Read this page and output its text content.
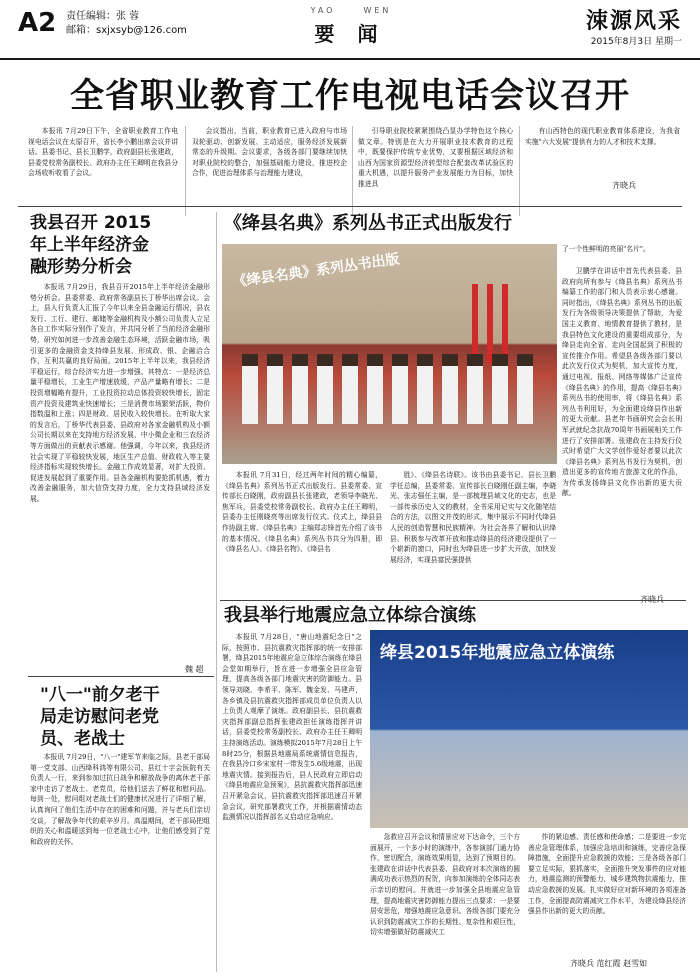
A2 责任编辑：张 蓉
邮箱：sxjxsyb@126.com
YAO	WEN
要 闻	涑源风采
2015年8月3日 星期一
全省职业教育工作电视电话会议召开

本报讯 7月29日下午，全省职业教育工作电视电话会议在太原召开，省长李小鹏出席会议并讲话。县委书记、县长卫鹏学，政府副县长张建政，县委党校常务副校长、政府办主任王卿明在我县分会场收听收看了会议。

会议指出，当前，职业教育已进入政府与市场双轮驱动、创新发展、主动适应，服务经济发展新常态的升级期。会议要求，各级各部门要继续加快对职业院校的整合，加强基础能力建设，推进校企合作，促进治理体系与治理能力建设，

引导职业院校紧紧围绕凸显办学特色这个核心做文章。特别是在大力开展职业技术教育的过程中，既要保护传统专业优势，又要根据区域经济和山西为国家资源型经济转型综合配套改革试验区的重大机遇，以提升服务产业发展能力为目标，加快推进具

有山西特色的现代职业教育体系建设，为我省实施"六大发展"提供有力的人才和技术支撑。

齐晓兵
我县召开 2015
年上半年经济金
融形势分析会

本报讯 7月29日，我县召开2015年上半年经济金融形势分析会。县委常委、政府常务副县长丁桥华出席会议。会上，县人行负责人汇报了今年以来全县金融运行情况，县农发行、工行、建行、邮储等金融机构及小额公司负责人立足各自工作实际分别作了发言，并共同分析了当前经济金融形势，研究如何进一步改善金融生态环境，活跃金融市场，吸引更多的金融资金支持绛县发展、形成政、银、企融洽合作，互利共赢的良好局面。2015年上半年以来，我县经济平稳运行，综合经济实力进一步增强。其特点：一是经济总量平稳增长，工业生产增速放缓，产品产量略有增长；二是投资增幅略有提升，工业投资拉动总体投资较快增长，固定资产投资及建筑业快速增长；三是消费市场繁荣活跃，物价指数温和上涨；四是财政、居民收入较快增长。在听取大家的发言后，丁桥华代表县委、县政府对各家金融机构及小额公司长期以来在支持地方经济发展、中小微企业和三农经济等方面做出的贡献表示感谢。他强调，今年以来，我县经济社会实现了平稳较快发展，地区生产总值、财政收入等主要经济指标实现较快增长。金融工作成效显著，对扩大投资、促进发展起到了重要作用。县各金融机构要抢抓机遇，着力改善金融服务，加大信贷支持力度，全力支持县域经济发展。

魏 超
"八一"前夕老干
局走访慰问老党
员、老战士

本报讯 7月29日，"八一"建军节来临之际，县老干部局第一党支部、山西绛科鸿等有限公司，县红十字会医院有关负责人一行，来到参加过抗日战争和解放战争的离休老干部家中走访了老战士、老党员，给他们送去了鲜花和慰问品。每到一处，慰问组对老战士们的健康状况进行了详细了解，认真询问了他们生活中存在的困难和问题，并与老兵们亲切交谈，了解战争年代的艰辛岁月。高温期间，老干部局把组织的关心和温暖送到每一位老战士心中，让他们感受到了党和政府的关怀。

《绛县名典》系列丛书正式出版发行
《绛县名典》系列丛书出版
了一个性鲜明的亮丽"名片"。

卫鹏学在讲话中首先代表县委、县政府向所有参与《绛县名典》系列丛书编纂工作的部门和人员表示衷心感谢。同时指出，《绛县名典》系列丛书的出版发行为各级领导决策提供了帮助，为爱国主义教育、地情教育提供了教材，是我县特色文化建设的重要组成部分，为绛县走向全省、走向全国起到了积极的宣传推介作用。希望县各级各部门要以此次发行仪式为契机，加大宣传力度，通过电视、报纸、网络等媒体广泛宣传《绛县名典》的作用，提高《绛县名典》系列丛书的使用率，将《绛县名典》系列丛书利用好，为全面建设绛县作出新的更大贡献。县老年书画研究会会长刑军武就纪念抗战70周年书画展相关工作进行了安排部署。张建政在主持发行仪式时希望广大文学创作爱好者要以此次《绛县名典》系列丛书发行为契机，创造出更多的宣传地方旅游文化的作品，为传承发扬绛县文化作出新的更大贡献。

本报讯 7月31日，经过两年时间的精心编纂，《绛县名典》系列丛书正式出版发行。县委常委、宣传部长白晓刚，政府副县长张建政，老领导李晓光、焦军兵，县委党校常务副校长、政府办主任王卿明，县委办主任刚晓亮等出席发行仪式。仪式上，绛县县作协副主席、《绛县名典》主编郑志锋首先介绍了该书的基本情况。《绛县名典》系列丛书共分为四册，即《绛县名人》、《绛县名物》、《绛县名

胜》、《绛县名诗联》。该书由县委书记、县长卫鹏学任总编，县委常委、宣传部长白晓刚任副主编，李晓光、张志强任主编，是一部梳理县域文化的史志，也是一部传承历史人文的教材，全书采用记实与文化随笔结合的方法，以图文并茂的形式，集中展示不同时代绛县人民的创造智慧和民族精神。为社会各界了解和认识绛县、积极参与改革开放和推动绛县的经济建设提供了一个崭新的窗口，同时也为绛县进一步扩大开放，加快发展经济，实现县富民强提供

我县举行地震应急立体综合演练
绛县2015年地震应急立体演练

本报讯 7月28日，"唐山地震纪念日"之际，按照市、县抗震救灾指挥部的统一安排部署，绛县2015年地震应急立体综合演练在绛县会堂如期举行，旨在进一步增强全县应急管理，提高各级各部门地震灾害的防御能力。县领导刘晓、李希平、陈军、魏金发、马建声，各乡镇及县抗震救灾指挥部成员单位负责人以上负责人观摩了演练。政府副县长、县抗震救灾指挥部副总指挥张建政担任演练指挥并讲话，县委党校常务副校长、政府办主任王卿明主持演练活动。演练模拟2015年7月28日上午8时25分，根据县地震局系统震情信息报告，在我县冷口乡宋家村一带发生5.6级地震，出现地震灾情。接到报告后，县人民政府立即启动《绛县地震应急预案》，县抗震救灾指挥部迅速召开紧急会议，县抗震救灾指挥部迅速召开紧急会议，研究部署救灾工作，并根据震情动态监测情况以指挥部名义启动应急响应。

急救应召开会议和情景应对下达命令，三个方面展开，一个多小时的演练中，各参演部门通力协作，密切配合，演练效果明显，达到了预期目的。张建政在讲话中代表县委、县政府对本次演练的圆满成功表示热烈的祝贺，向参加演练的全体同志表示亲切的慰问。并就进一步加强全县地震应急管理，提高地震灾害防御能力提出三点要求：一是要居安思危，增强地震应急意识。各级各部门要充分认识到防震减灾工作的长期性、复杂性和艰巨性，切实增强做好防震减灾工

作的紧迫感、责任感和使命感；二是要进一步完善应急管理体系，加强应急培训和演练，完善应急保障措施，全面提升应急救援的效能；三是各级各部门要立足实际，狠抓落实，全面推升突发事件的应对能力，地震监测的预警能力，城乡建筑物抗震能力，推动应急救援的发展。扎实做好应对新环境的各项准备工作，全面提高防震减灾工作水平，为建设绛县经济强县作出新的更大的贡献。

齐晓兵 范红霞 赵雪如
